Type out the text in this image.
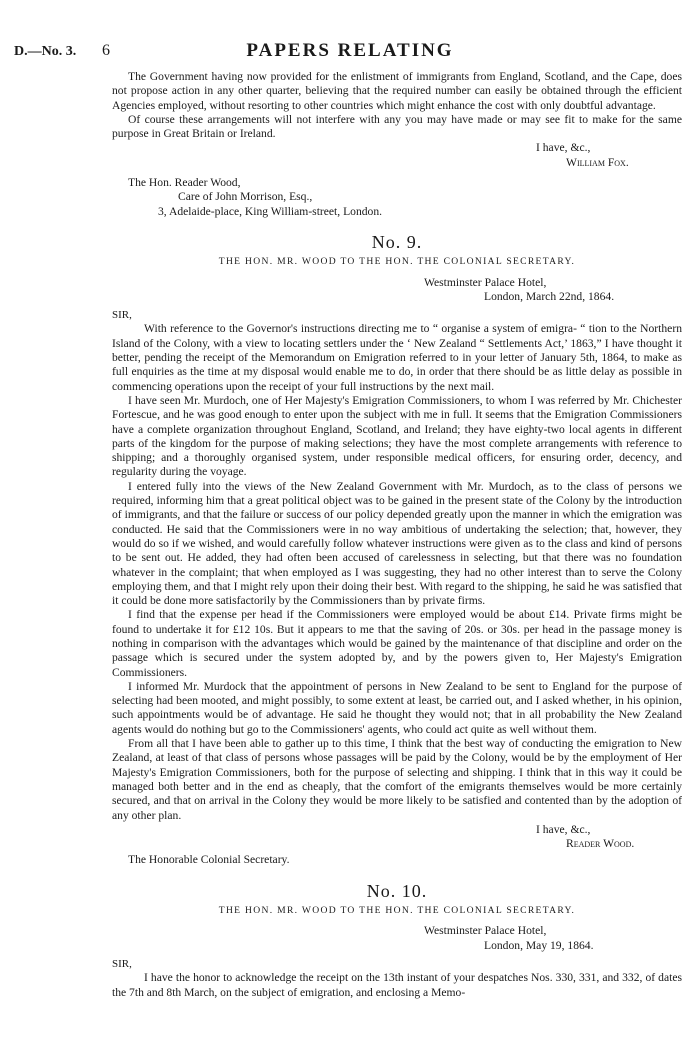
D.—No. 3. 6	PAPERS RELATING

The Government having now provided for the enlistment of immigrants from England, Scotland, and the Cape, does not propose action in any other quarter, believing that the required number can easily be obtained through the efficient Agencies employed, without resorting to other countries which might enhance the cost with only doubtful advantage.

Of course these arrangements will not interfere with any you may have made or may see fit to make for the same purpose in Great Britain or Ireland.

I have, &c.,

William Fox.

The Hon. Reader Wood,

Care of John Morrison, Esq.,

3, Adelaide-place, King William-street, London.

No. 9.
THE HON. MR. WOOD TO THE HON. THE COLONIAL SECRETARY.

Westminster Palace Hotel,

London, March 22nd, 1864.

SIR,

With reference to the Governor's instructions directing me to “ organise a system of emigra- “ tion to the Northern Island of the Colony, with a view to locating settlers under the ‘ New Zealand “ Settlements Act,’ 1863,” I have thought it better, pending the receipt of the Memorandum on Emigration referred to in your letter of January 5th, 1864, to make as full enquiries as the time at my disposal would enable me to do, in order that there should be as little delay as possible in commencing operations upon the receipt of your full instructions by the next mail.

I have seen Mr. Murdoch, one of Her Majesty's Emigration Commissioners, to whom I was referred by Mr. Chichester Fortescue, and he was good enough to enter upon the subject with me in full. It seems that the Emigration Commissioners have a complete organization throughout England, Scotland, and Ireland; they have eighty-two local agents in different parts of the kingdom for the purpose of making selections; they have the most complete arrangements with reference to shipping; and a thoroughly organised system, under responsible medical officers, for ensuring order, decency, and regularity during the voyage.

I entered fully into the views of the New Zealand Government with Mr. Murdoch, as to the class of persons we required, informing him that a great political object was to be gained in the present state of the Colony by the introduction of immigrants, and that the failure or success of our policy depended greatly upon the manner in which the emigration was conducted. He said that the Commissioners were in no way ambitious of undertaking the selection; that, however, they would do so if we wished, and would carefully follow whatever instructions were given as to the class and kind of persons to be sent out. He added, they had often been accused of carelessness in selecting, but that there was no foundation whatever in the complaint; that when employed as I was suggesting, they had no other interest than to serve the Colony employing them, and that I might rely upon their doing their best. With regard to the shipping, he said he was satisfied that it could be done more satisfactorily by the Commissioners than by private firms.

I find that the expense per head if the Commissioners were employed would be about £14. Private firms might be found to undertake it for £12 10s. But it appears to me that the saving of 20s. or 30s. per head in the passage money is nothing in comparison with the advantages which would be gained by the maintenance of that discipline and order on the passage which is secured under the system adopted by, and by the powers given to, Her Majesty's Emigration Commissioners.

I informed Mr. Murdock that the appointment of persons in New Zealand to be sent to England for the purpose of selecting had been mooted, and might possibly, to some extent at least, be carried out, and I asked whether, in his opinion, such appointments would be of advantage. He said he thought they would not; that in all probability the New Zealand agents would do nothing but go to the Commissioners' agents, who could act quite as well without them.

From all that I have been able to gather up to this time, I think that the best way of conducting the emigration to New Zealand, at least of that class of persons whose passages will be paid by the Colony, would be by the employment of Her Majesty's Emigration Commissioners, both for the purpose of selecting and shipping. I think that in this way it could be managed both better and in the end as cheaply, that the comfort of the emigrants themselves would be more certainly secured, and that on arrival in the Colony they would be more likely to be satisfied and contented than by the adoption of any other plan.

I have, &c.,

Reader Wood.

The Honorable Colonial Secretary.

No. 10.
THE HON. MR. WOOD TO THE HON. THE COLONIAL SECRETARY.

Westminster Palace Hotel,

London, May 19, 1864.

SIR,

I have the honor to acknowledge the receipt on the 13th instant of your despatches Nos. 330, 331, and 332, of dates the 7th and 8th March, on the subject of emigration, and enclosing a Memo-
